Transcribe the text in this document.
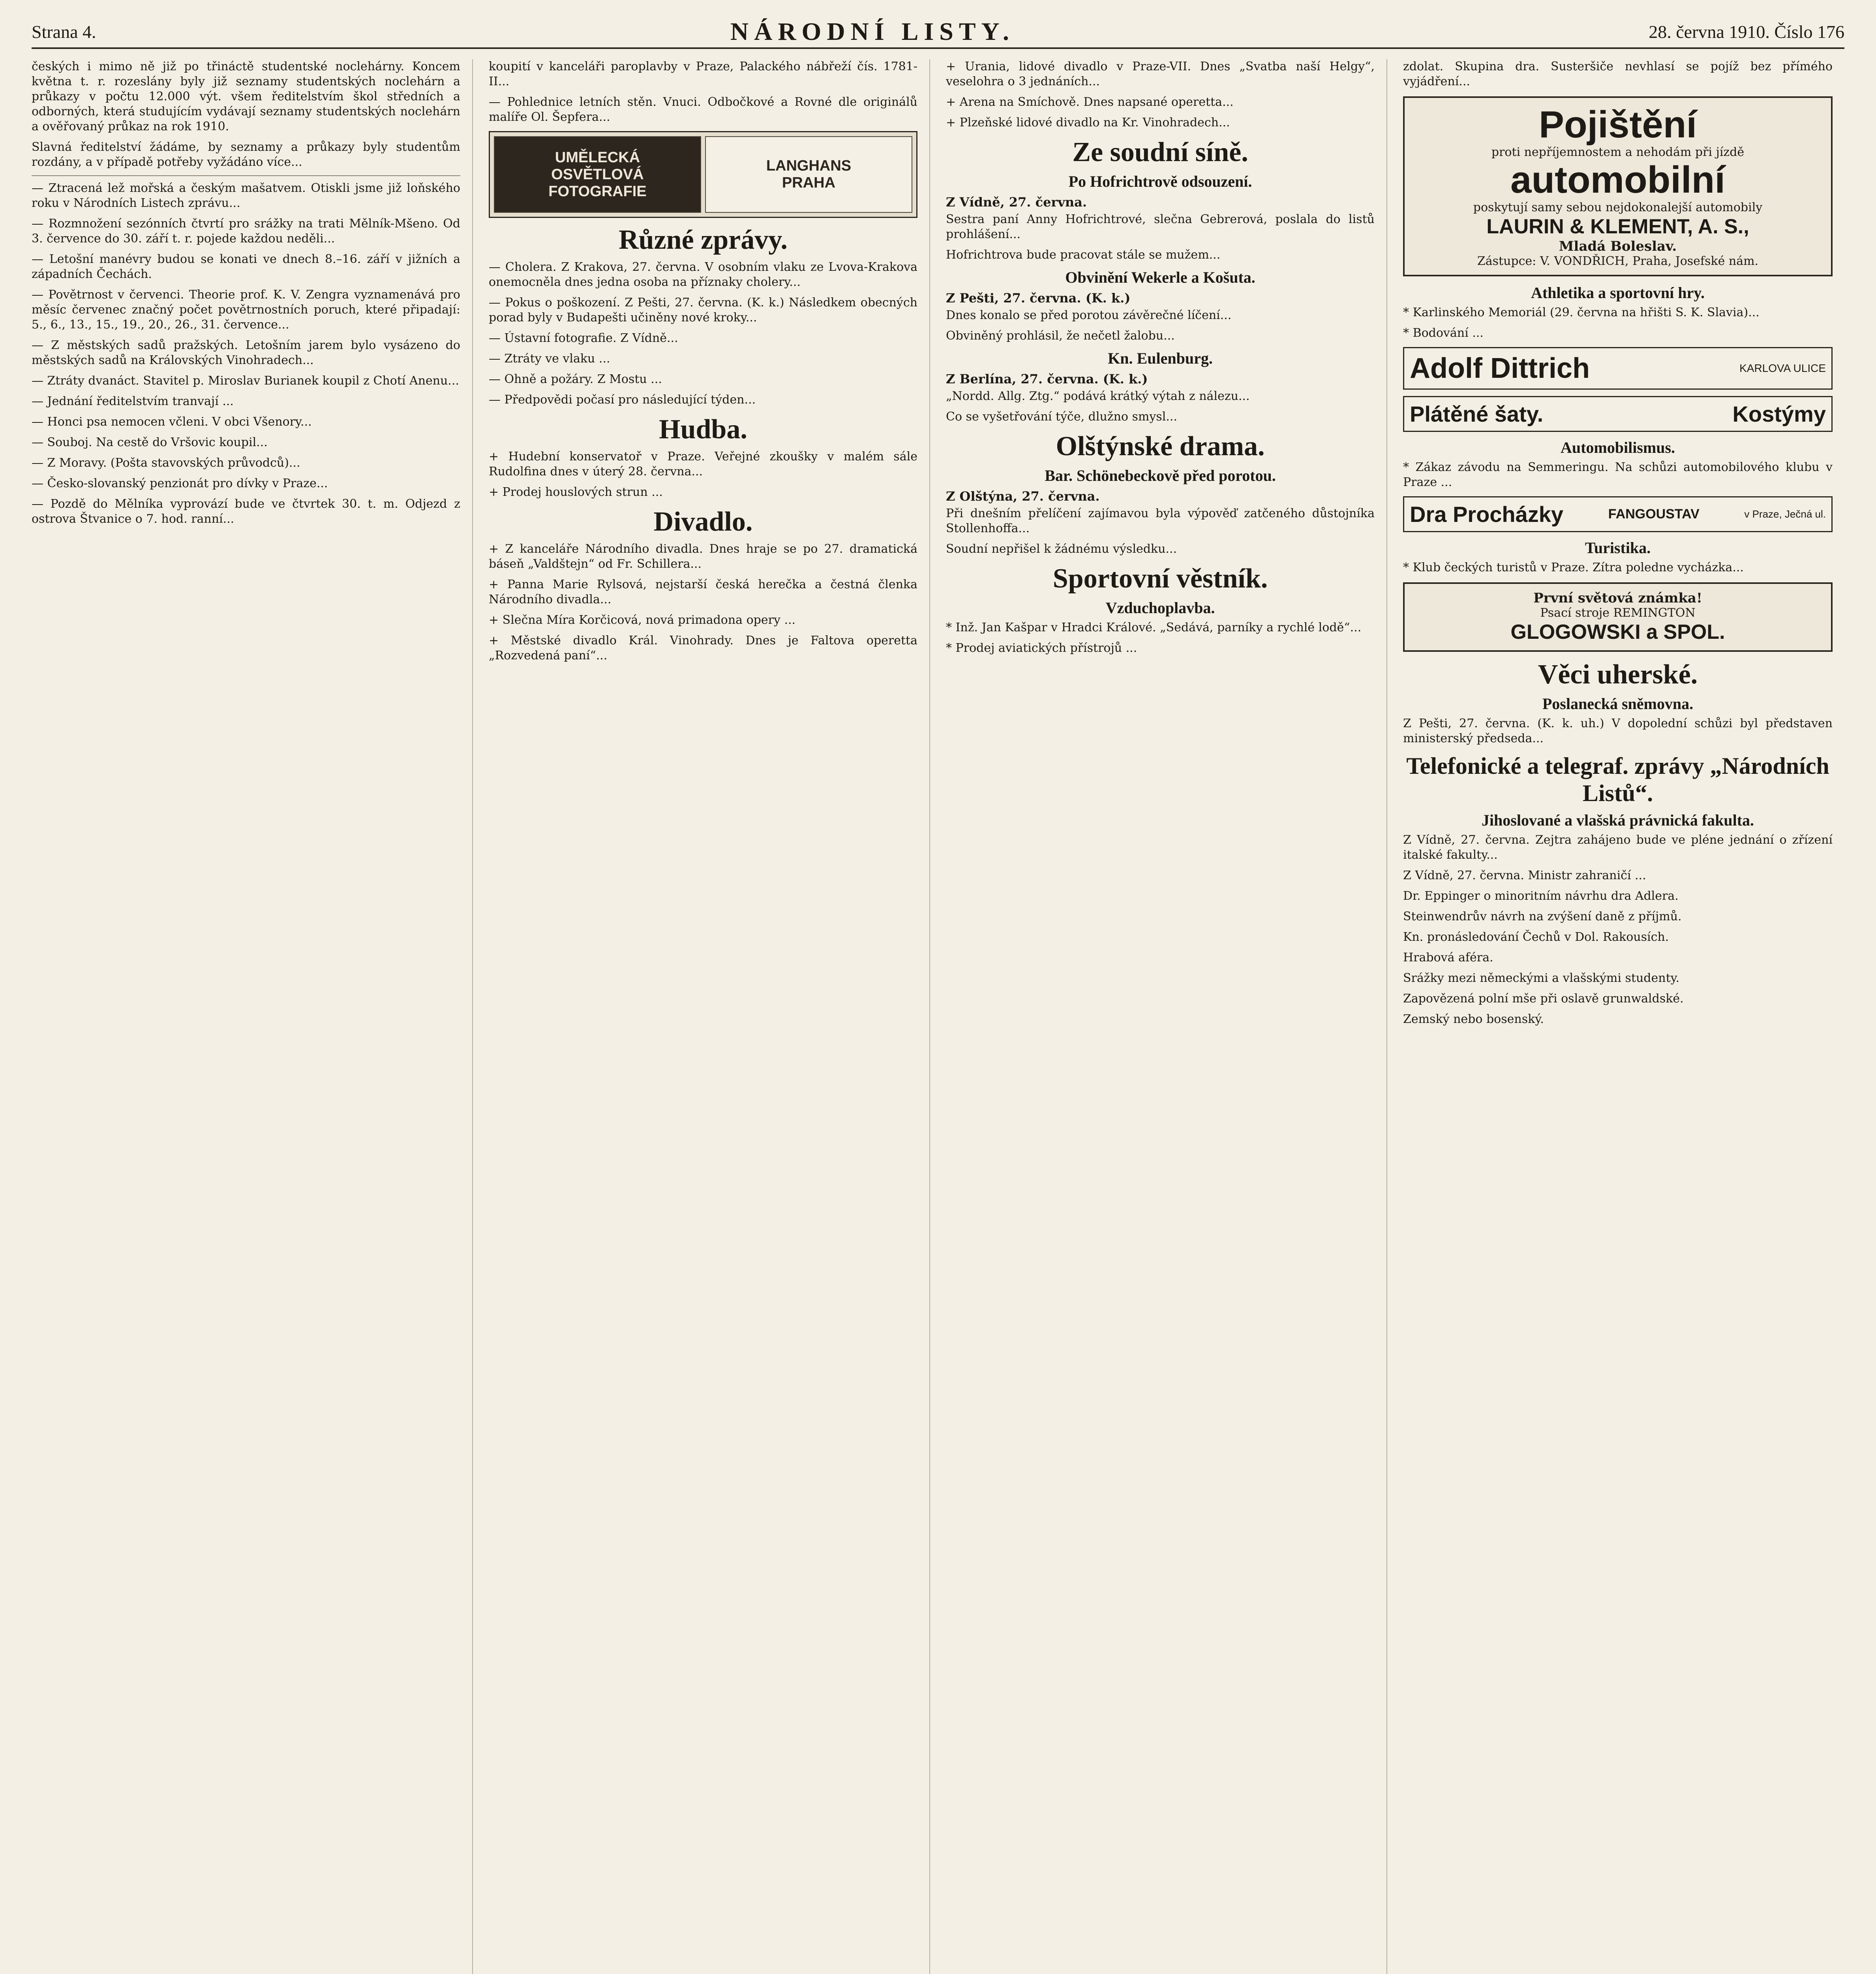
Strana 4.	NÁRODNÍ LISTY.	28. června 1910. Číslo 176

českých i mimo ně již po třináctě studentské noclehárny. Koncem května t. r. rozeslány byly již seznamy studentských noclehárn a průkazy v počtu 12.000 výt. všem ředitelstvím škol středních a odborných, která studujícím vydávají seznamy studentských noclehárn a ověřovaný průkaz na rok 1910.

Slavná ředitelství žádáme, by seznamy a průkazy byly studentům rozdány, a v případě potřeby vyžádáno více...

— Ztracená lež mořská a českým mašatvem. Otiskli jsme již loňského roku v Národních Listech zprávu...

— Rozmnožení sezónních čtvrtí pro srážky na trati Mělník-Mšeno. Od 3. července do 30. září t. r. pojede každou neděli...

— Letošní manévry budou se konati ve dnech 8.–16. září v jižních a západních Čechách.

— Povětrnost v červenci. Theorie prof. K. V. Zengra vyznamenává pro měsíc červenec značný počet povětrnostních poruch, které připadají: 5., 6., 13., 15., 19., 20., 26., 31. července...

— Z městských sadů pražských. Letošním jarem bylo vysázeno do městských sadů na Královských Vinohradech...

— Ztráty dvanáct. Stavitel p. Miroslav Burianek koupil z Chotí Anenu...

— Jednání ředitelstvím tranvají ...

— Honci psa nemocen včleni. V obci Všenory...

— Souboj. Na cestě do Vršovic koupil...

— Z Moravy. (Pošta stavovských průvodců)...

— Česko-slovanský penzionát pro dívky v Praze...

— Pozdě do Mělníka vyprovází bude ve čtvrtek 30. t. m. Odjezd z ostrova Štvanice o 7. hod. ranní...

koupití v kanceláři paroplavby v Praze, Palackého nábřeží čís. 1781-II...

— Pohlednice letních stěn. Vnuci. Odbočkové a Rovné dle originálů malíře Ol. Šepfera...

UMĚLECKÁ
OSVĚTLOVÁ
FOTOGRAFIE
LANGHANS
PRAHA
Různé zprávy.

— Cholera. Z Krakova, 27. června. V osobním vlaku ze Lvova-Krakova onemocněla dnes jedna osoba na příznaky cholery...

— Pokus o poškození. Z Pešti, 27. června. (K. k.) Následkem obecných porad byly v Budapešti učiněny nové kroky...

— Ústavní fotografie. Z Vídně...

— Ztráty ve vlaku ...

— Ohně a požáry. Z Mostu ...

— Předpovědi počasí pro následující týden...

Hudba.

+ Hudební konservatoř v Praze. Veřejné zkoušky v malém sále Rudolfina dnes v úterý 28. června...

+ Prodej houslových strun ...

Divadlo.

+ Z kanceláře Národního divadla. Dnes hraje se po 27. dramatická báseň „Valdštejn“ od Fr. Schillera...

+ Panna Marie Rylsová, nejstarší česká herečka a čestná členka Národního divadla...

+ Slečna Míra Korčicová, nová primadona opery ...

+ Městské divadlo Král. Vinohrady. Dnes je Faltova operetta „Rozvedená paní“...

+ Urania, lidové divadlo v Praze-VII. Dnes „Svatba naší Helgy“, veselohra o 3 jednáních...

+ Arena na Smíchově. Dnes napsané operetta...

+ Plzeňské lidové divadlo na Kr. Vinohradech...

Ze soudní síně.
Po Hofrichtrově odsouzení.
Z Vídně, 27. června.

Sestra paní Anny Hofrichtrové, slečna Gebrerová, poslala do listů prohlášení...

Hofrichtrova bude pracovat stále se mužem...

Obvinění Wekerle a Košuta.
Z Pešti, 27. června. (K. k.)

Dnes konalo se před porotou závěrečné líčení...

Obviněný prohlásil, že nečetl žalobu...

Kn. Eulenburg.
Z Berlína, 27. června. (K. k.)

„Nordd. Allg. Ztg.“ podává krátký výtah z nálezu...

Co se vyšetřování týče, dlužno smysl...

Olštýnské drama.
Bar. Schönebeckově před porotou.
Z Olštýna, 27. června.

Při dnešním přelíčení zajímavou byla výpověď zatčeného důstojníka Stollenhoffa...

Soudní nepřišel k žádnému výsledku...

Sportovní věstník.
Vzduchoplavba.

* Inž. Jan Kašpar v Hradci Králové. „Sedává, parníky a rychlé lodě“...

* Prodej aviatických přístrojů ...

zdolat. Skupina dra. Susteršiče nevhlasí se pojíž bez přímého vyjádření...

Pojištění
proti nepříjemnostem a nehodám při jízdě
automobilní
poskytují samy sebou nejdokonalejší automobily
LAURIN & KLEMENT, A. S.,
Mladá Boleslav.
Zástupce: V. VONDŘICH, Praha, Josefské nám.
Athletika a sportovní hry.

* Karlinského Memoriál (29. června na hřišti S. K. Slavia)...

* Bodování ...

Adolf Dittrich	KARLOVA ULICE
Plátěné šaty.	Kostýmy
Automobilismus.

* Zákaz závodu na Semmeringu. Na schůzi automobilového klubu v Praze ...

Dra Procházky	FANGOUSTAV	v Praze, Ječná ul.
Turistika.

* Klub čeckých turistů v Praze. Zítra poledne vycházka...

První světová známka!
Psací stroje REMINGTON
GLOGOWSKI a SPOL.
Věci uherské.
Poslanecká sněmovna.

Z Pešti, 27. června. (K. k. uh.) V dopolední schůzi byl představen ministerský předseda...

Telefonické a telegraf. zprávy „Národních Listů“.
Jihoslované a vlašská právnická fakulta.

Z Vídně, 27. června. Zejtra zahájeno bude ve pléne jednání o zřízení italské fakulty...

Z Vídně, 27. června. Ministr zahraničí ...

Dr. Eppinger o minoritním návrhu dra Adlera.

Steinwendrův návrh na zvýšení daně z příjmů.

Kn. pronásledování Čechů v Dol. Rakousích.

Hrabová aféra.

Srážky mezi německými a vlašskými studenty.

Zapovězená polní mše při oslavě grunwaldské.

Zemský nebo bosenský.
